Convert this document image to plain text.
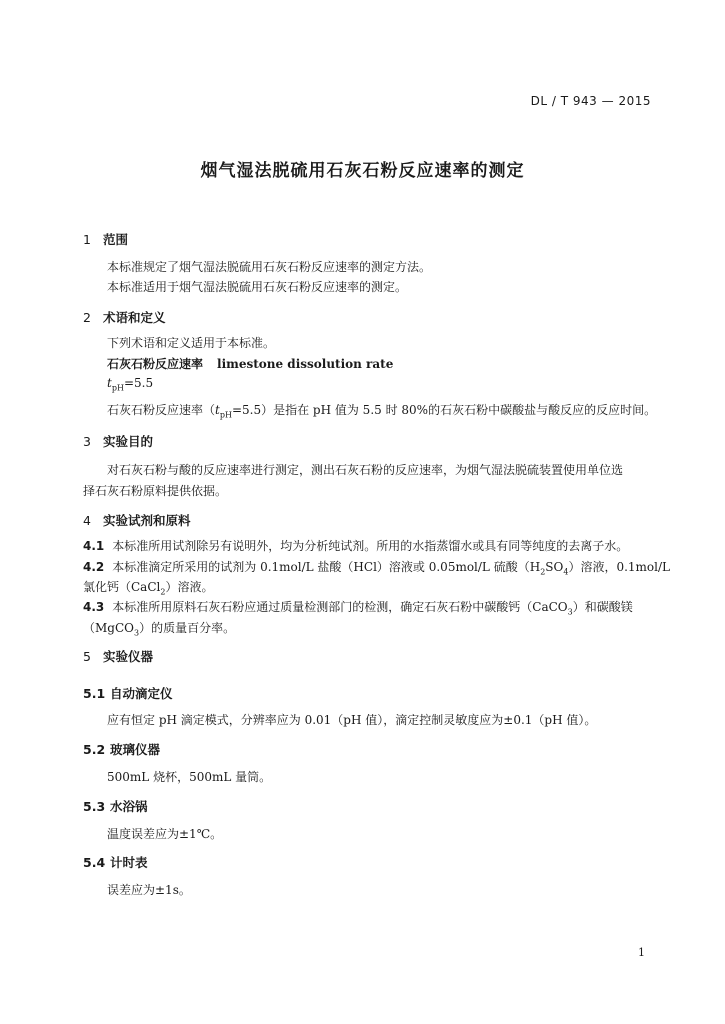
DL / T 943 — 2015
烟气湿法脱硫用石灰石粉反应速率的测定
1 范围
本标准规定了烟气湿法脱硫用石灰石粉反应速率的测定方法。
本标准适用于烟气湿法脱硫用石灰石粉反应速率的测定。
2 术语和定义
下列术语和定义适用于本标准。
石灰石粉反应速率 limestone dissolution rate
$t_{pH}=5.5$
石灰石粉反应速率$(t_{pH}=5.5)$是指在 pH 值为 5.5 时 80%的石灰石粉中碳酸盐与酸反应的反应时间。
3 实验目的
对石灰石粉与酸的反应速率进行测定，测出石灰石粉的反应速率，为烟气湿法脱硫装置使用单位选
择石灰石粉原料提供依据。
4 实验试剂和原料
4.1 本标准所用试剂除另有说明外，均为分析纯试剂。所用的水指蒸馏水或具有同等纯度的去离子水。
4.2 本标准滴定所采用的试剂为 0.1mol/L 盐酸（HCl）溶液或 0.05mol/L 硫酸$(H_2SO_4)$溶液，0.1mol/L
氯化钙（CaCl$_2$）溶液。
4.3 本标准所用原料石灰石粉应通过质量检测部门的检测，确定石灰石粉中碳酸钙（CaCO$_3$）和碳酸镁
（MgCO$_3$）的质量百分率。
5 实验仪器
5.1 自动滴定仪
应有恒定 pH 滴定模式，分辨率应为 0.01（pH 值），滴定控制灵敏度应为±0.1（pH 值）。
5.2 玻璃仪器
500mL 烧杯，500mL 量筒。
5.3 水浴锅
温度误差应为±1℃。
5.4 计时表
误差应为±1s。
1
